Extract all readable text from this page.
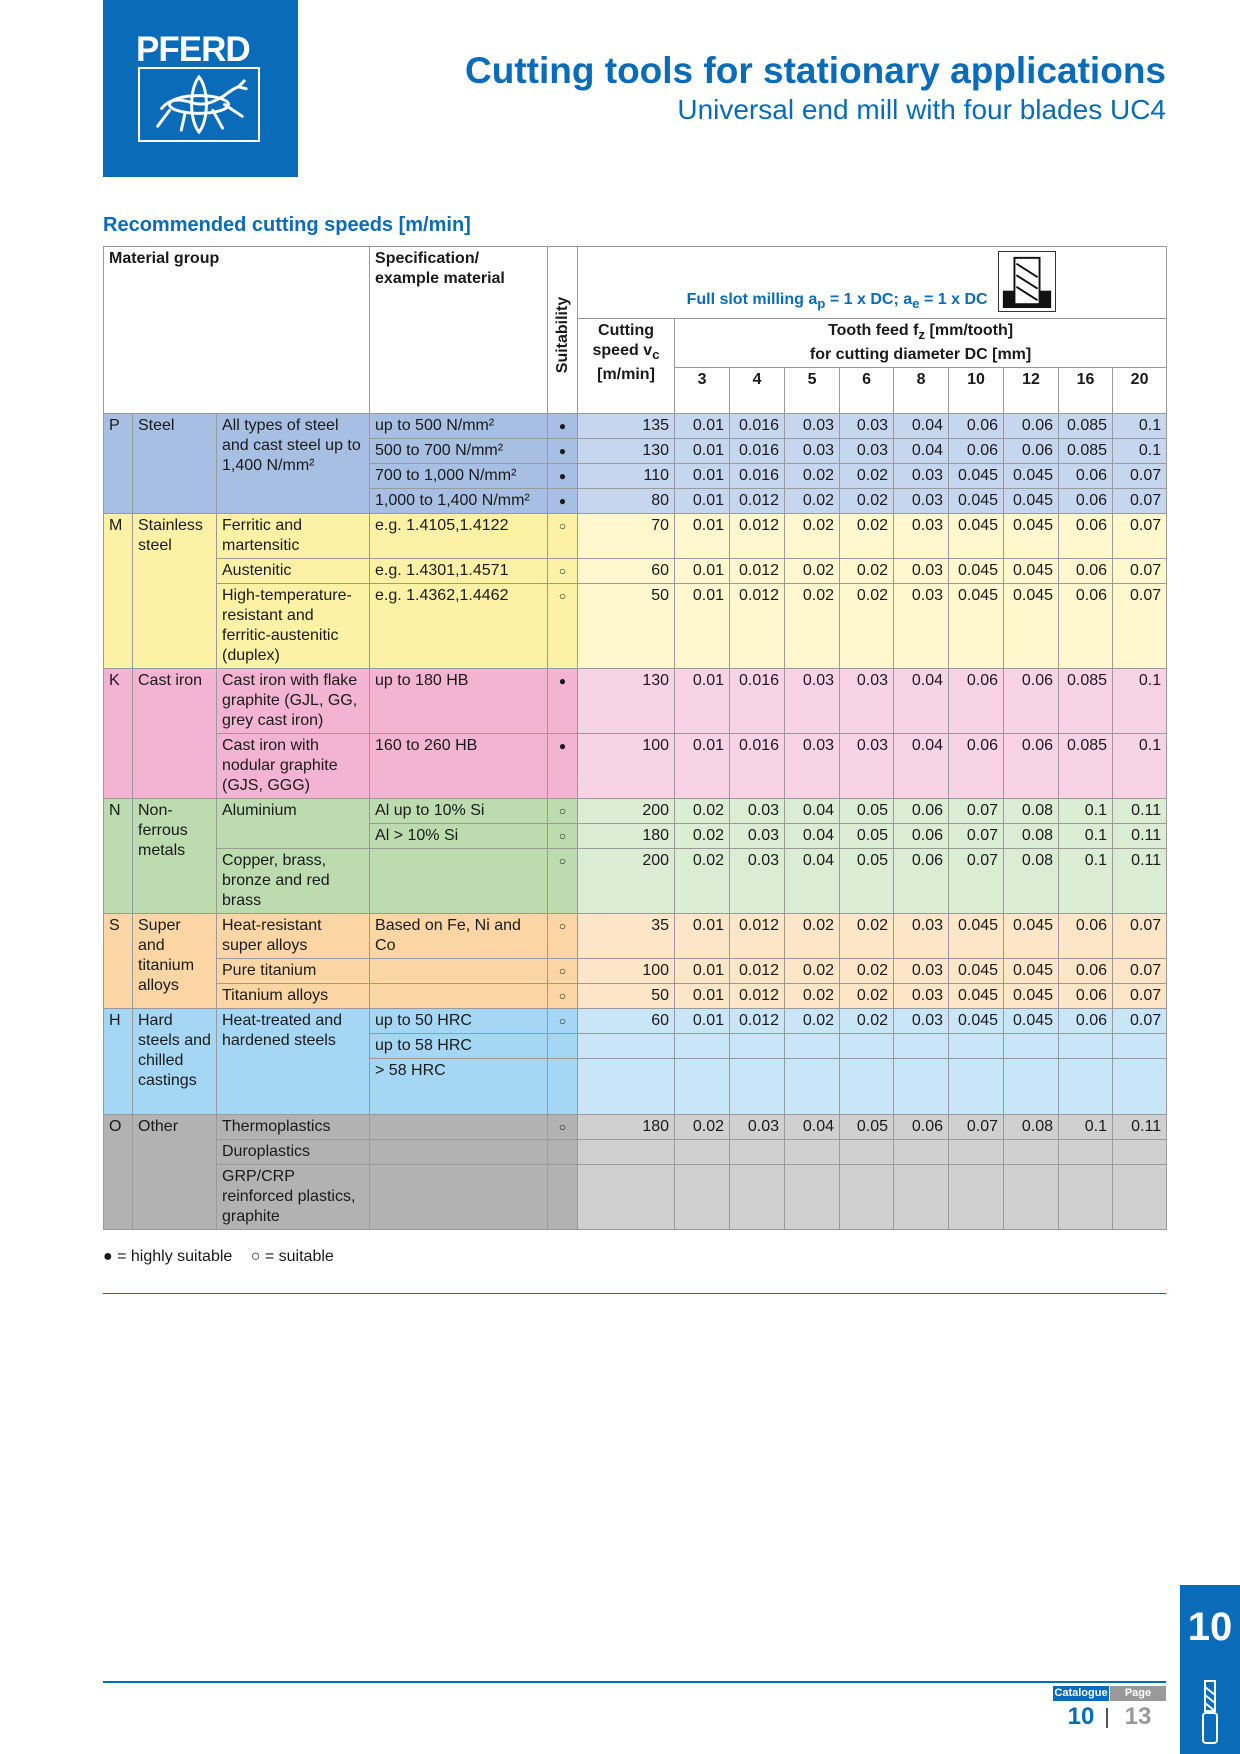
PFERD
Cutting tools for stationary applications
Universal end mill with four blades UC4
Recommended cutting speeds [m/min]
Material group			Specification/ example material	Suitability	Full slot milling $a_p = 1$ x DC; $a_e = 1$ x DC									

					Cutting
speed $v_c$
[m/min]	Tooth feed $f_z$ [mm/tooth]
for cutting diameter DC [mm]								
						3	4	5	6	8	10	12	16	20
P	Steel	All types of steel and cast steel up to 1,400 N/mm²	up to 500 N/mm²	●	135	0.01	0.016	0.03	0.03	0.04	0.06	0.06	0.085	0.1
			500 to 700 N/mm²	●	130	0.01	0.016	0.03	0.03	0.04	0.06	0.06	0.085	0.1
			700 to 1,000 N/mm²	●	110	0.01	0.016	0.02	0.02	0.03	0.045	0.045	0.06	0.07
			1,000 to 1,400 N/mm²	●	80	0.01	0.012	0.02	0.02	0.03	0.045	0.045	0.06	0.07
M	Stainless steel	Ferritic and martensitic	e.g. 1.4105,1.4122	○	70	0.01	0.012	0.02	0.02	0.03	0.045	0.045	0.06	0.07
		Austenitic	e.g. 1.4301,1.4571	○	60	0.01	0.012	0.02	0.02	0.03	0.045	0.045	0.06	0.07
		High-temperature-resistant and ferritic-austenitic (duplex)	e.g. 1.4362,1.4462	○	50	0.01	0.012	0.02	0.02	0.03	0.045	0.045	0.06	0.07
K	Cast iron	Cast iron with flake graphite (GJL, GG, grey cast iron)	up to 180 HB	●	130	0.01	0.016	0.03	0.03	0.04	0.06	0.06	0.085	0.1
		Cast iron with nodular graphite (GJS, GGG)	160 to 260 HB	●	100	0.01	0.016	0.03	0.03	0.04	0.06	0.06	0.085	0.1
N	Non-ferrous metals	Aluminium	Al up to 10% Si	○	200	0.02	0.03	0.04	0.05	0.06	0.07	0.08	0.1	0.11
			Al > 10% Si	○	180	0.02	0.03	0.04	0.05	0.06	0.07	0.08	0.1	0.11
		Copper, brass, bronze and red brass		○	200	0.02	0.03	0.04	0.05	0.06	0.07	0.08	0.1	0.11
S	Super and titanium alloys	Heat-resistant super alloys	Based on Fe, Ni and Co	○	35	0.01	0.012	0.02	0.02	0.03	0.045	0.045	0.06	0.07
		Pure titanium		○	100	0.01	0.012	0.02	0.02	0.03	0.045	0.045	0.06	0.07
		Titanium alloys		○	50	0.01	0.012	0.02	0.02	0.03	0.045	0.045	0.06	0.07
H	Hard steels and chilled castings	Heat-treated and hardened steels	up to 50 HRC	○	60	0.01	0.012	0.02	0.02	0.03	0.045	0.045	0.06	0.07
			up to 58 HRC											
			> 58 HRC											
O	Other	Thermoplastics		○	180	0.02	0.03	0.04	0.05	0.06	0.07	0.08	0.1	0.11
		Duroplastics												
		GRP/CRP reinforced plastics, graphite												
● = highly suitable ○ = suitable
10
Catalogue	Page
10	13
